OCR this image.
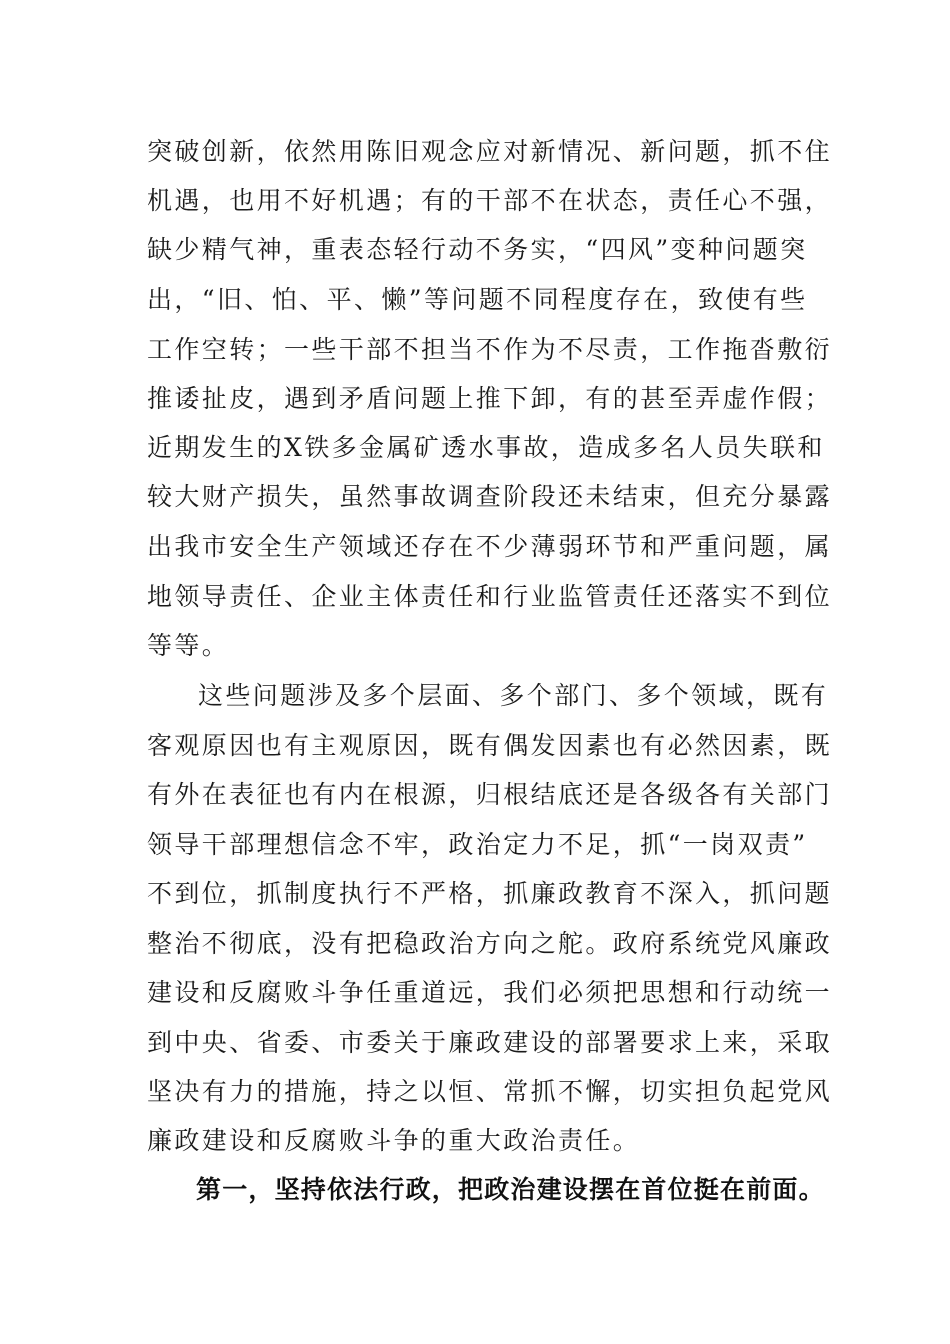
突破创新，依然用陈旧观念应对新情况、新问题，抓不住
机遇，也用不好机遇；有的干部不在状态，责任心不强，
缺少精气神，重表态轻行动不务实，“四风”变种问题突
出，“旧、怕、平、懒”等问题不同程度存在，致使有些
工作空转；一些干部不担当不作为不尽责，工作拖沓敷衍
推诿扯皮，遇到矛盾问题上推下卸，有的甚至弄虚作假；
近期发生的X铁多金属矿透水事故，造成多名人员失联和
较大财产损失，虽然事故调查阶段还未结束，但充分暴露
出我市安全生产领域还存在不少薄弱环节和严重问题，属
地领导责任、企业主体责任和行业监管责任还落实不到位
等等。
这些问题涉及多个层面、多个部门、多个领域，既有
客观原因也有主观原因，既有偶发因素也有必然因素，既
有外在表征也有内在根源，归根结底还是各级各有关部门
领导干部理想信念不牢，政治定力不足，抓“一岗双责”
不到位，抓制度执行不严格，抓廉政教育不深入，抓问题
整治不彻底，没有把稳政治方向之舵。政府系统党风廉政
建设和反腐败斗争任重道远，我们必须把思想和行动统一
到中央、省委、市委关于廉政建设的部署要求上来，采取
坚决有力的措施，持之以恒、常抓不懈，切实担负起党风
廉政建设和反腐败斗争的重大政治责任。
第一，坚持依法行政，把政治建设摆在首位挺在前面。
